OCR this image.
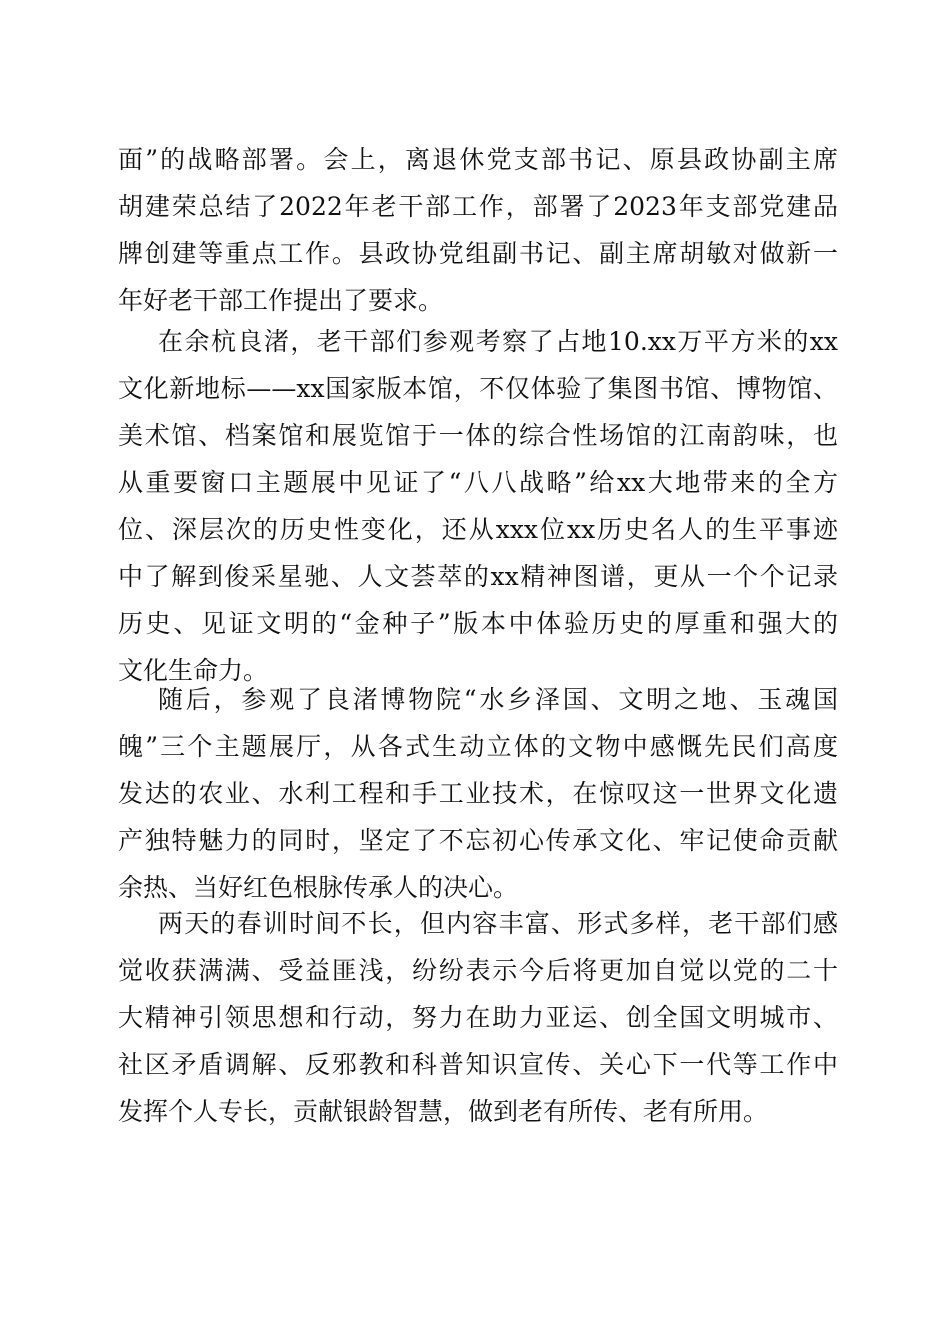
面”的战略部署。会上，离退休党支部书记、原县政协副主席
胡建荣总结了2022年老干部工作，部署了2023年支部党建品
牌创建等重点工作。县政协党组副书记、副主席胡敏对做新一
年好老干部工作提出了要求。
在余杭良渚，老干部们参观考察了占地10.xx万平方米的xx
文化新地标——xx国家版本馆，不仅体验了集图书馆、博物馆、
美术馆、档案馆和展览馆于一体的综合性场馆的江南韵味，也
从重要窗口主题展中见证了“八八战略”给xx大地带来的全方
位、深层次的历史性变化，还从xxx位xx历史名人的生平事迹
中了解到俊采星驰、人文荟萃的xx精神图谱，更从一个个记录
历史、见证文明的“金种子”版本中体验历史的厚重和强大的
文化生命力。
随后，参观了良渚博物院“水乡泽国、文明之地、玉魂国
魄”三个主题展厅，从各式生动立体的文物中感慨先民们高度
发达的农业、水利工程和手工业技术，在惊叹这一世界文化遗
产独特魅力的同时，坚定了不忘初心传承文化、牢记使命贡献
余热、当好红色根脉传承人的决心。
两天的春训时间不长，但内容丰富、形式多样，老干部们感
觉收获满满、受益匪浅，纷纷表示今后将更加自觉以党的二十
大精神引领思想和行动，努力在助力亚运、创全国文明城市、
社区矛盾调解、反邪教和科普知识宣传、关心下一代等工作中
发挥个人专长，贡献银龄智慧，做到老有所传、老有所用。
